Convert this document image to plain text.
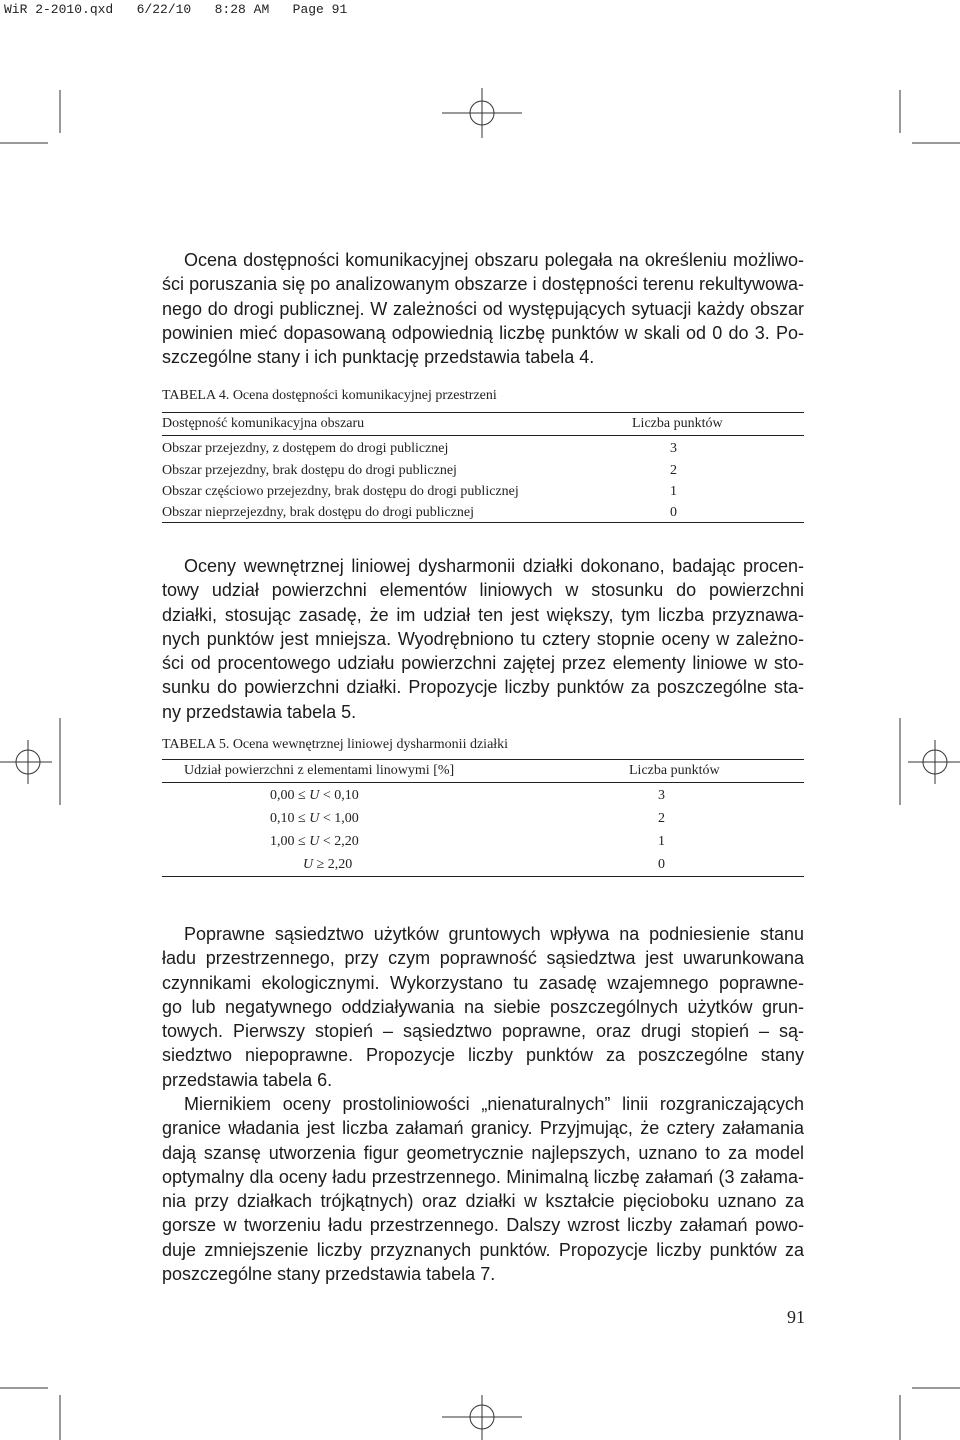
WiR 2-2010.qxd   6/22/10   8:28 AM   Page 91
Ocena dostępności komunikacyjnej obszaru polegała na określeniu możliwo-
ści poruszania się po analizowanym obszarze i dostępności terenu rekultywowa-
nego do drogi publicznej. W zależności od występujących sytuacji każdy obszar
powinien mieć dopasowaną odpowiednią liczbę punktów w skali od 0 do 3. Po-
szczególne stany i ich punktację przedstawia tabela 4.
TABELA 4. Ocena dostępności komunikacyjnej przestrzeni
Dostępność komunikacyjna obszaru	Liczba punktów
Obszar przejezdny, z dostępem do drogi publicznej	3
Obszar przejezdny, brak dostępu do drogi publicznej	2
Obszar częściowo przejezdny, brak dostępu do drogi publicznej	1
Obszar nieprzejezdny, brak dostępu do drogi publicznej	0
Oceny wewnętrznej liniowej dysharmonii działki dokonano, badając procen-
towy udział powierzchni elementów liniowych w stosunku do powierzchni
działki, stosując zasadę, że im udział ten jest większy, tym liczba przyznawa-
nych punktów jest mniejsza. Wyodrębniono tu cztery stopnie oceny w zależno-
ści od procentowego udziału powierzchni zajętej przez elementy liniowe w sto-
sunku do powierzchni działki. Propozycje liczby punktów za poszczególne sta-
ny przedstawia tabela 5.
TABELA 5. Ocena wewnętrznej liniowej dysharmonii działki
Udział powierzchni z elementami linowymi [%]	Liczba punktów
0,00 ≤ U < 0,10	3
0,10 ≤ U < 1,00	2
1,00 ≤ U < 2,20	1
U ≥ 2,20	0
Poprawne sąsiedztwo użytków gruntowych wpływa na podniesienie stanu
ładu przestrzennego, przy czym poprawność sąsiedztwa jest uwarunkowana
czynnikami ekologicznymi. Wykorzystano tu zasadę wzajemnego poprawne-
go lub negatywnego oddziaływania na siebie poszczególnych użytków grun-
towych. Pierwszy stopień – sąsiedztwo poprawne, oraz drugi stopień – są-
siedztwo niepoprawne. Propozycje liczby punktów za poszczególne stany
przedstawia tabela 6.
Miernikiem oceny prostoliniowości „nienaturalnych” linii rozgraniczających
granice władania jest liczba załamań granicy. Przyjmując, że cztery załamania
dają szansę utworzenia figur geometrycznie najlepszych, uznano to za model
optymalny dla oceny ładu przestrzennego. Minimalną liczbę załamań (3 załama-
nia przy działkach trójkątnych) oraz działki w kształcie pięcioboku uznano za
gorsze w tworzeniu ładu przestrzennego. Dalszy wzrost liczby załamań powo-
duje zmniejszenie liczby przyznanych punktów. Propozycje liczby punktów za
poszczególne stany przedstawia tabela 7.
91
